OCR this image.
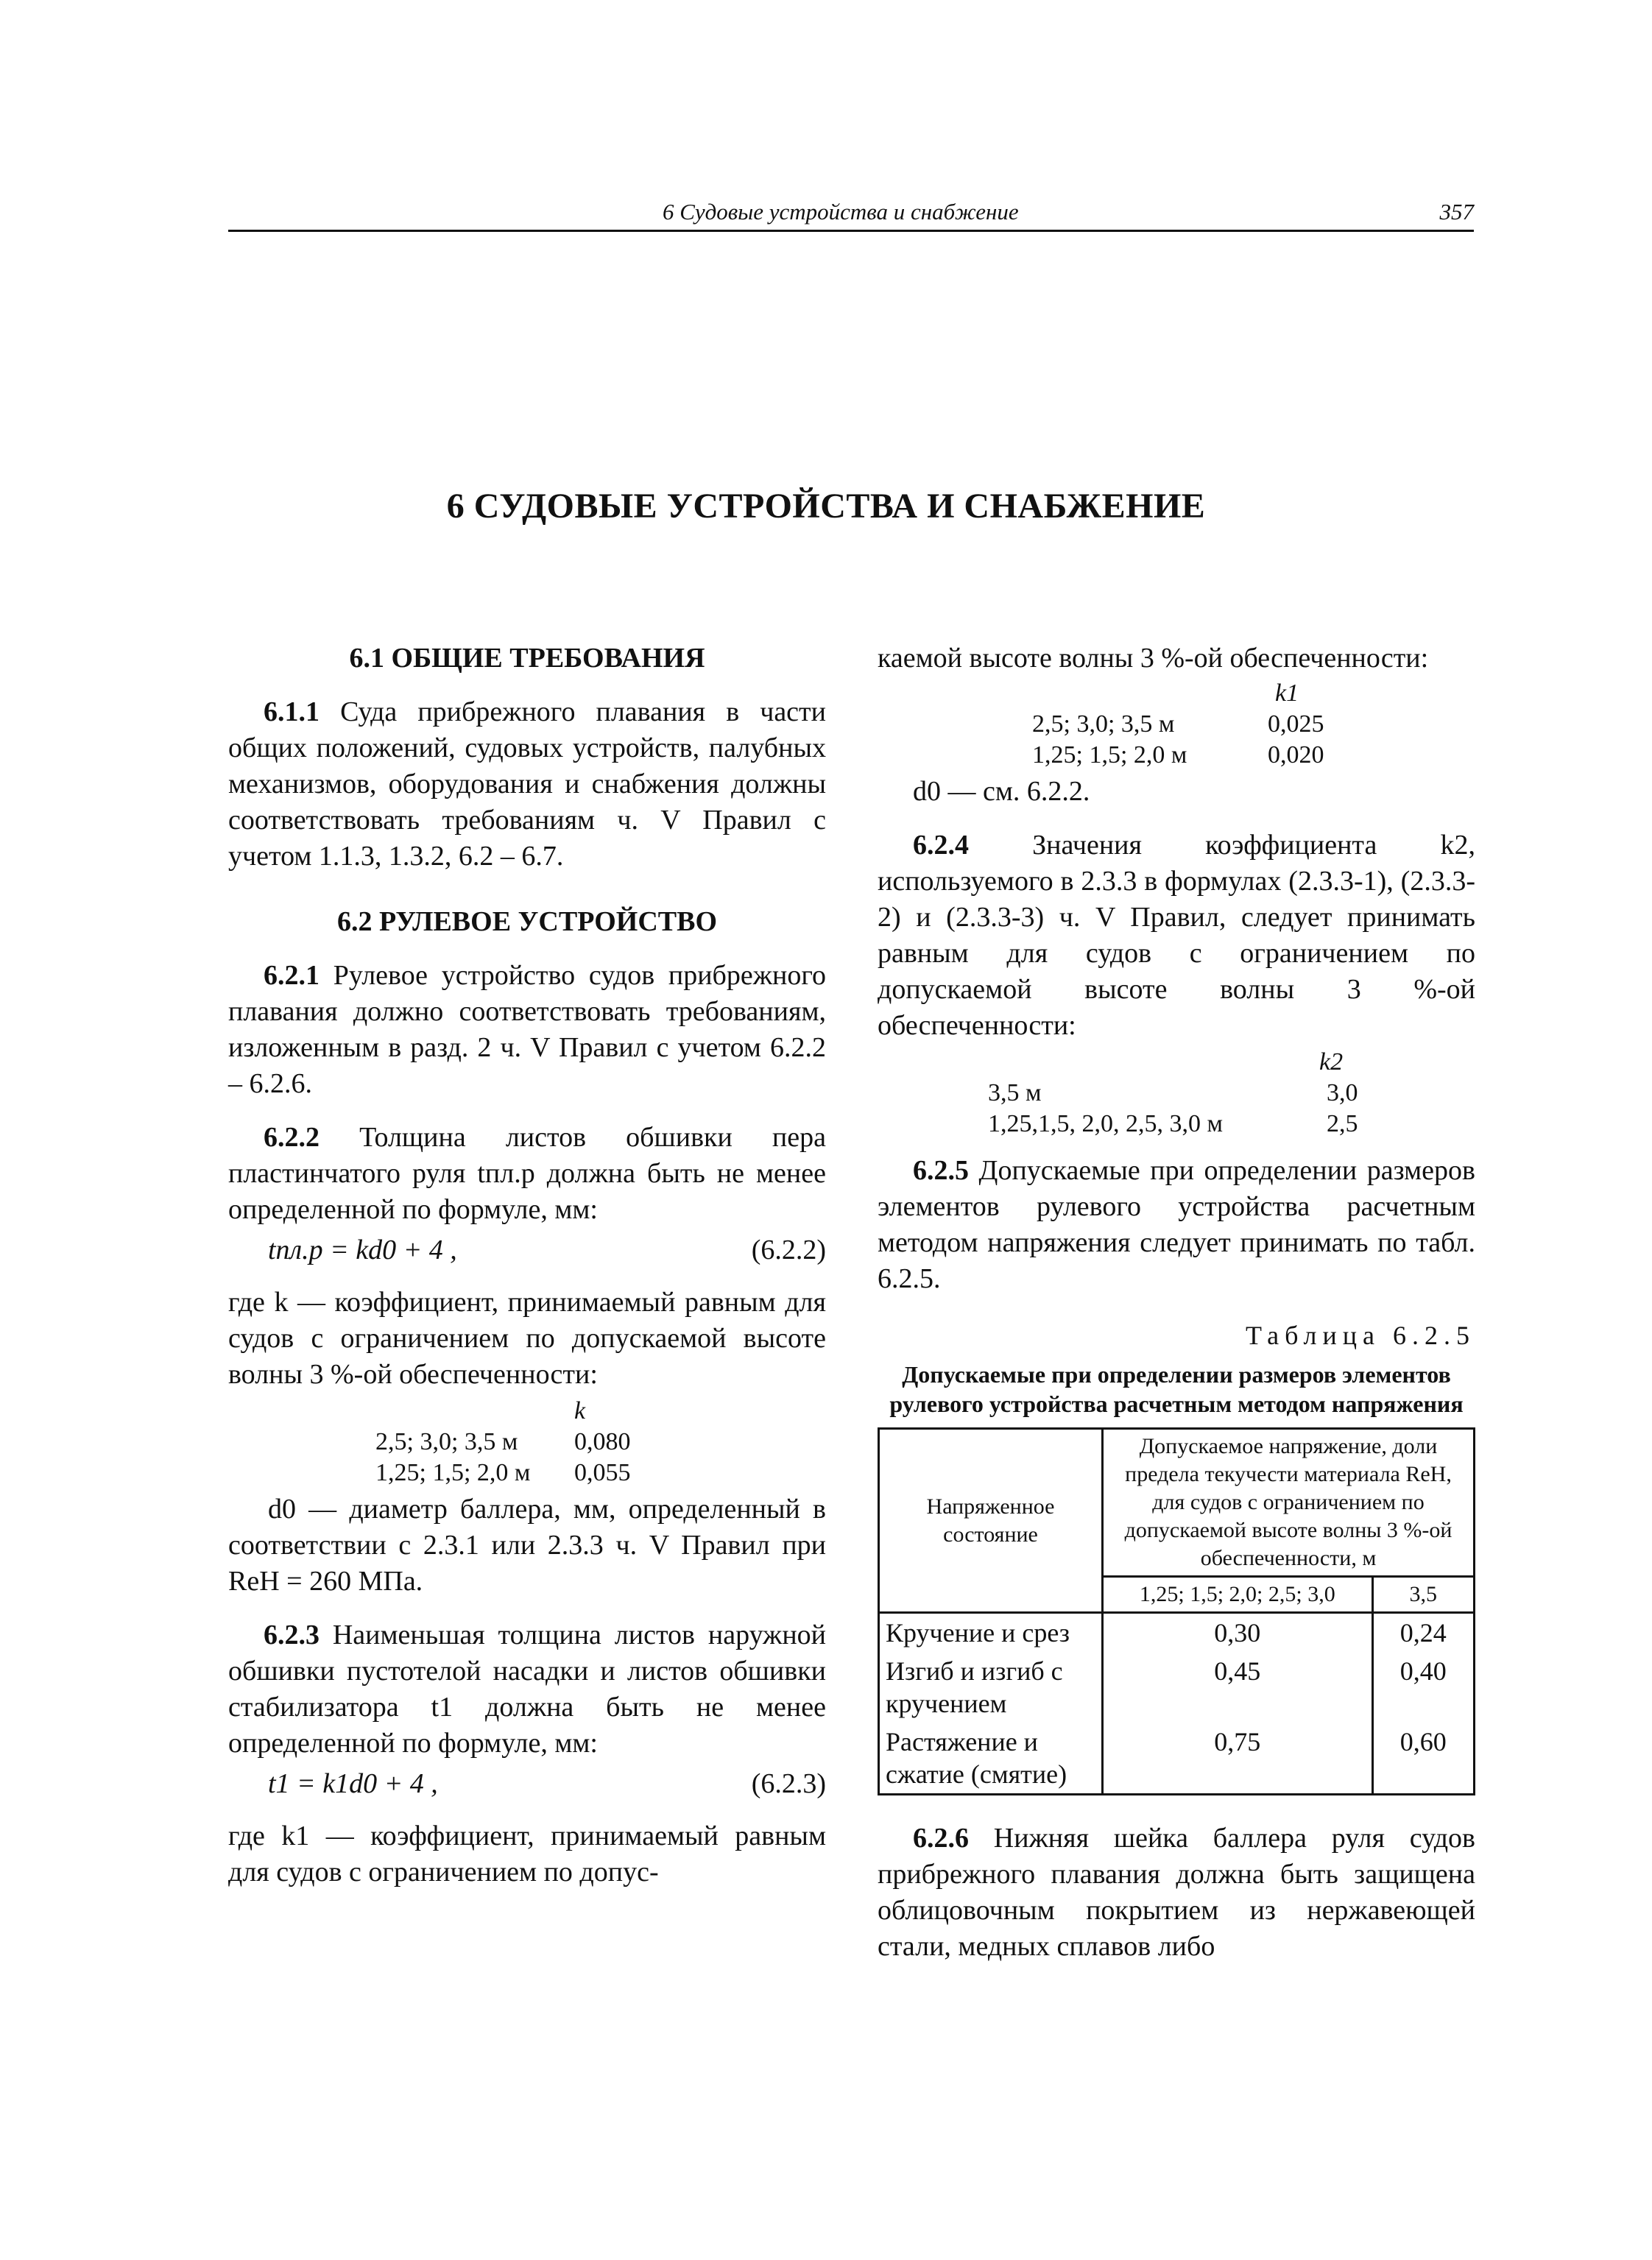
6 Судовые устройства и снабжение	357
6 СУДОВЫЕ УСТРОЙСТВА И СНАБЖЕНИЕ
6.1 ОБЩИЕ ТРЕБОВАНИЯ

6.1.1 Суда прибрежного плавания в части общих положений, судовых устройств, палубных механизмов, оборудования и снабжения должны соответствовать требованиям ч. V Правил с учетом 1.1.3, 1.3.2, 6.2 – 6.7.

6.2 РУЛЕВОЕ УСТРОЙСТВО

6.2.1 Рулевое устройство судов прибрежного плавания должно соответствовать требованиям, изложенным в разд. 2 ч. V Правил с учетом 6.2.2 – 6.2.6.

6.2.2 Толщина листов обшивки пера пластинчатого руля tпл.р должна быть не менее определенной по формуле, мм:

tпл.р = kd0 + 4 ,	(6.2.2)

где k — коэффициент, принимаемый равным для судов с ограничением по допускаемой высоте волны 3 %-ой обеспеченности:

k
2,5; 3,0; 3,5 м	0,080
1,25; 1,5; 2,0 м	0,055

d0 — диаметр баллера, мм, определенный в соответствии с 2.3.1 или 2.3.3 ч. V Правил при ReH = 260 МПа.

6.2.3 Наименьшая толщина листов наружной обшивки пустотелой насадки и листов обшивки стабилизатора t1 должна быть не менее определенной по формуле, мм:

t1 = k1d0 + 4 ,	(6.2.3)

где k1 — коэффициент, принимаемый равным для судов с ограничением по допус-

каемой высоте волны 3 %-ой обеспеченности:

k1
2,5; 3,0; 3,5 м	0,025
1,25; 1,5; 2,0 м	0,020

d0 — см. 6.2.2.

6.2.4 Значения коэффициента k2, используемого в 2.3.3 в формулах (2.3.3-1), (2.3.3-2) и (2.3.3-3) ч. V Правил, следует принимать равным для судов с ограничением по допускаемой высоте волны 3 %-ой обеспеченности:

k2
3,5 м	3,0
1,25,1,5, 2,0, 2,5, 3,0 м	2,5

6.2.5 Допускаемые при определении размеров элементов рулевого устройства расчетным методом напряжения следует принимать по табл. 6.2.5.

Таблица 6.2.5
Допускаемые при определении размеров элементов рулевого устройства расчетным методом напряжения
Напряженное состояние	Допускаемое напряжение, доли предела текучести материала ReH, для судов с ограничением по допускаемой высоте волны 3 %-ой обеспеченности, м	
	1,25; 1,5; 2,0; 2,5; 3,0	3,5
Кручение и срез	0,30	0,24
Изгиб и изгиб с кручением	0,45	0,40
Растяжение и сжатие (смятие)	0,75	0,60

6.2.6 Нижняя шейка баллера руля судов прибрежного плавания должна быть защищена облицовочным покрытием из нержавеющей стали, медных сплавов либо
